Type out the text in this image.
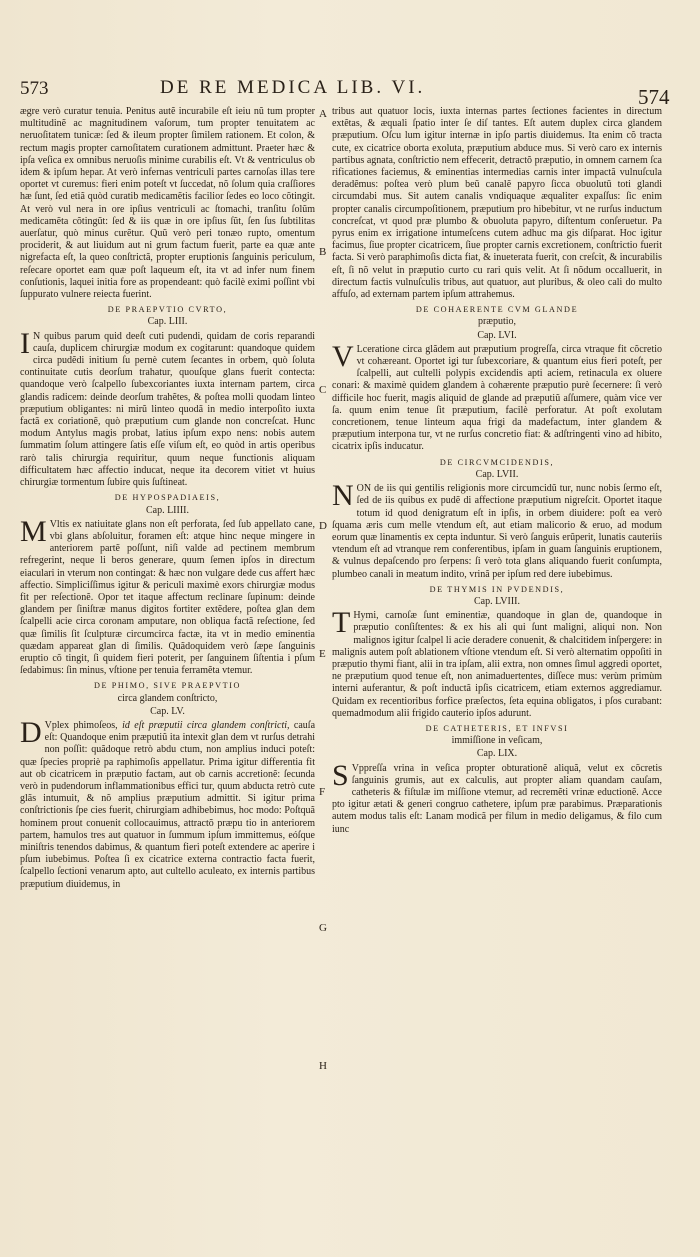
573	DE RE MEDICA LIB. VI.	574
A
B
C
D
E
F
G
H

ægre verò curatur tenuia. Penitus autẽ incurabile eſt ieiu nũ tum propter multitudinẽ ac magnitudinem vaſorum, tum propter tenuitatem ac neruoſitatem tunicæ: ſed & ileum propter ſimilem rationem. Et colon, & rectum magis propter carnoſitatem curationem admittunt. Praeter hæc & ipſa veſica ex omnibus neruoſis minime curabilis eſt. Vt & ventriculus ob idem & ipſum hepar. At verò infernas ventriculi partes carnoſas illas tere oportet vt curemus: fieri enim poteſt vt ſuccedat, nõ ſolum quia craſſiores hæ ſunt, ſed etiã quòd curatib medicamẽtis facilior ſedes eo loco cõtingit. At verò vul nera in ore ipſius ventriculi ac ſtomachi, tranſitu ſolũm medicamẽta cõtingũt: ſed & iis quæ in ore ipſius ſũt, ſen ſus ſubtilitas auerſatur, quò minus curẽtur. Quũ verò peri tonæo rupto, omentum prociderit, & aut liuidum aut ni grum factum fuerit, parte ea quæ ante nigrefacta eſt, la queo conſtrictã, propter eruptionis ſanguinis periculum, reſecare oportet eam quæ poſt laqueum eſt, ita vt ad infer num finem conſutionis, laquei initia fore as propendeant: quò facilè eximi poſſint vbi ſuppurato vulnere reiecta fuerint.

DE PRAEPVTIO CVRTO,
Cap. LIII.

I N quibus parum quid deeſt cuti pudendi, quidam de coris reparandi cauſa, duplicem chirurgiæ modum ex cogitarunt: quandoque quidem circa pudẽdi initium ſu pernè cutem ſecantes in orbem, quò ſoluta continuitate cutis deorſum trahatur, quouſque glans fuerit contecta: quandoque verò ſcalpello ſubexcoriantes iuxta internam partem, circa glandis radicem: deinde deorſum trahẽtes, & poſtea molli quodam linteo præputium obligantes: ni mirũ linteo quodã in medio interpoſito iuxta factã ex coriationẽ, quò præputium cum glande non concreſcat. Hunc modum Antylus magis probat, latius ipſum expo nens: nobis autem ſummatim ſolum attingere ſatis eſſe viſum eſt, eo quòd in artis operibus rarò talis chirurgia requiritur, quum neque functionis aliquam difficultatem hæc affectio inducat, neque ita decorem vitiet vt huius chirurgiæ tormentum ſubire quis ſuſtineat.

DE HYPOSPADIAEIS,
Cap. LIIII.

M Vltis ex natiuitate glans non eſt perforata, ſed ſub appellato cane, vbi glans abſoluitur, foramen eſt: atque hinc neque mingere in anteriorem partẽ poſſunt, niſi valde ad pectinem membrum refregerint, neque li beros generare, quum ſemen ipſos in directum eiaculari in vterum non contingat: & hæc non vulgare dede cus affert hæc affectio. Simpliciſſimus igitur & periculi maximè exors chirurgiæ modus fit per reſectionẽ. Opor tet itaque affectum reclinare ſupinum: deinde glandem per ſiniſtræ manus digitos fortiter extẽdere, poſtea glan dem ſcalpelli acie circa coronam amputare, non obliqua factã reſectione, ſed quæ ſimilis ſit ſculpturæ circumcirca factæ, ita vt in medio eminentia quædam appareat glan di ſimilis. Quãdoquidem verò ſæpe ſanguinis eruptio cõ tingit, ſi quidem fieri poterit, per ſanguinem ſiſtentia i pſum ſedabimus: ſin minus, vſtione per tenuia ferramẽta vtemur.

DE PHIMO, SIVE PRAEPVTIO
circa glandem conſtricto,
Cap. LV.

D Vplex phimoſeos, id eſt præputii circa glandem conſtricti, cauſa eſt: Quandoque enim præputiũ ita intexit glan dem vt rurſus detrahi non poſſit: quãdoque retrò abdu ctum, non amplius induci poteſt: quæ ſpecies propriè pa raphimoſis appellatur. Prima igitur differentia fit aut ob cicatricem in præputio factam, aut ob carnis accretionẽ: ſecunda verò in pudendorum inflammationibus effici tur, quum abducta retrò cute glãs intumuit, & nõ amplius præputium admittit. Si igitur prima conſtrictionis ſpe cies fuerit, chirurgiam adhibebimus, hoc modo: Poſtquã hominem prout conuenit collocauimus, attractõ præpu tio in anteriorem partem, hamulos tres aut quatuor in ſummum ipſum immittemus, eóſque miniſtris tenendos dabimus, & quantum fieri poteſt extendere ac aperire i pſum iubebimus. Poſtea ſi ex cicatrice externa contractio facta fuerit, ſcalpello ſectioni venarum apto, aut cultello aculeato, ex internis partibus præputium diuidemus, in

tribus aut quatuor locis, iuxta internas partes ſectiones facientes in directum extẽtas, & æquali ſpatio inter ſe diſ tantes. Eſt autem duplex circa glandem præputium. Oſcu lum igitur internæ in ipſo partis diuidemus. Ita enim cõ tracta cute, ex cicatrice oborta exoluta, præputium abduce mus. Si verò caro ex internis partibus agnata, conſtrictio nem effecerit, detractõ præputio, in omnem carnem ſca rificationes faciemus, & eminentias intermedias carnis inter impactã vulnuſcula deradẽmus: poſtea verò plum beũ canalẽ papyro ſicca obuolutũ toti glandi circumdabi mus. Sit autem canalis vndiquaque æqualiter expaſſus: ſic enim propter canalis circumpoſitionem, præputium pro hibebitur, vt ne rurſus inductum concreſcat, vt quod præ plumbo & obuoluta papyro, diſtentum conſeruetur. Pa pyrus enim ex irrigatione intumeſcens cutem adhuc ma gis diſparat. Hoc igitur facimus, ſiue propter cicatricem, ſiue propter carnis excretionem, conſtrictio fuerit facta. Si verò paraphimoſis dicta fiat, & inueterata fuerit, con creſcit, & incurabilis eſt, ſi nõ velut in præputio curto cu rari quis velit. At ſi nõdum occalluerit, in directum factis vulnuſculis tribus, aut quatuor, aut pluribus, & oleo cali do multo affuſo, ad externam partem ipſum attrahemus.

DE COHAERENTE CVM GLANDE
præputio,
Cap. LVI.

V Lceratione circa glãdem aut præputium progreſſa, circa vtraque fit cõcretio vt cohæreant. Oportet igi tur ſubexcoriare, & quantum eius fieri poteſt, per ſcalpelli, aut cultelli polypis excidendis apti aciem, retinacula ex oluere conari: & maximè quidem glandem à cohærente præputio purè ſecernere: ſi verò difficile hoc fuerit, magis aliquid de glande ad præputiũ aſſumere, quàm vice ver ſa. quum enim tenue ſit præputium, facilè perforatur. At poſt exolutam concretionem, tenue linteum aqua frigi da madefactum, inter glandem & præputium interpona tur, vt ne rurſus concretio fiat: & adſtringenti vino ad hibito, cicatrix ipſis inducatur.

DE CIRCVMCIDENDIS,
Cap. LVII.

NON de iis qui gentilis religionis more circumcidũ tur, nunc nobis ſermo eſt, ſed de iis quibus ex pudẽ di affectione præputium nigreſcit. Oportet itaque totum id quod denigratum eſt in ipſis, in orbem diuidere: poſt ea verò ſquama æris cum melle vtendum eſt, aut etiam malicorio & eruo, ad modum eorum quæ linamentis ex cepta induntur. Si verò ſanguis erũperit, lunatis cauteriis vtendum eſt ad vtranque rem conferentibus, ipſam in guam ſanguinis eruptionem, & vulnus depaſcendo pro ſerpens: ſi verò tota glans aliquando fuerit conſumpta, plumbeo canali in meatum indito, vrinã per ipſum red dere iubebimus.

DE THYMIS IN PVDENDIS,
Cap. LVIII.

T Hymi, carnoſæ ſunt eminentiæ, quandoque in glan de, quandoque in præputio conſiſtentes: & ex his ali qui ſunt maligni, aliqui non. Non malignos igitur ſcalpel li acie deradere conuenit, & chalcitidem inſpergere: in malignis autem poſt ablationem vſtione vtendum eſt. Si verò alternatim oppoſiti in præputio thymi fiant, alii in tra ipſam, alii extra, non omnes ſimul aggredi oportet, ne præputium quod tenue eſt, non animaduertentes, diſſece mus: verùm primùm interni auferantur, & poſt inductã ipſis cicatricem, etiam externos aggrediamur. Quidam ex recentioribus forfice præſectos, ſeta equina obligatos, i pſos curabant: quemadmodum alii frigido cauterio ipſos adurunt.

DE CATHETERIS, ET INFVSI
immiſſione in veſicam,
Cap. LIX.

S Vppreſſa vrina in veſica propter obturationẽ aliquã, velut ex cõcretis ſanguinis grumis, aut ex calculis, aut propter aliam quandam cauſam, catheteris & fiſtulæ im miſſione vtemur, ad recremẽti vrinæ eductionẽ. Acce pto igitur ætati & generi congruo cathetere, ipſum præ parabimus. Præparationis autem modus talis eſt: Lanam modicã per filum in medio deligamus, & filo cum iunc
